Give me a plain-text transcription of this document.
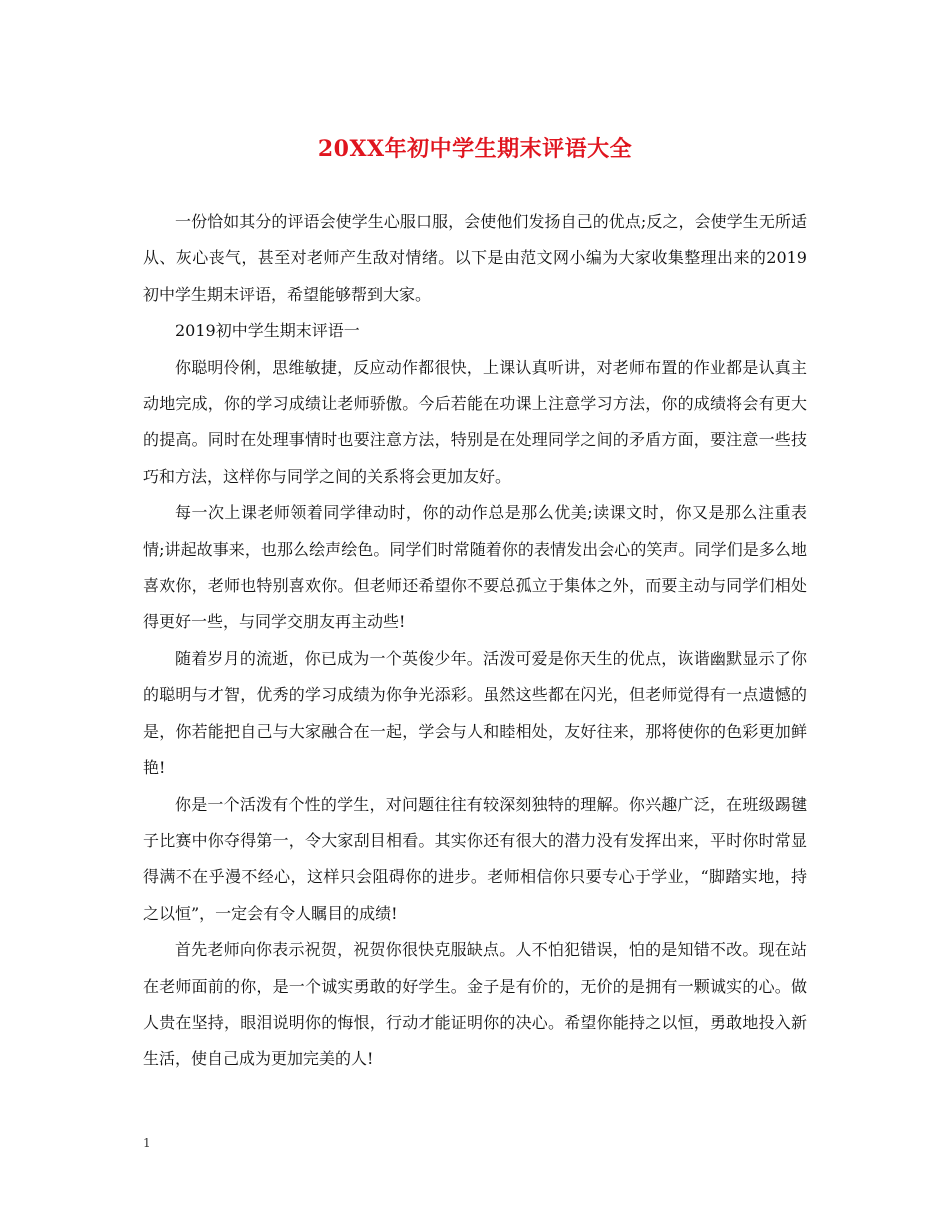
20XX年初中学生期末评语大全

一份恰如其分的评语会使学生心服口服，会使他们发扬自己的优点;反之，会使学生无所适从、灰心丧气，甚至对老师产生敌对情绪。以下是由范文网小编为大家收集整理出来的2019初中学生期末评语，希望能够帮到大家。

2019初中学生期末评语一

你聪明伶俐，思维敏捷，反应动作都很快，上课认真听讲，对老师布置的作业都是认真主动地完成，你的学习成绩让老师骄傲。今后若能在功课上注意学习方法，你的成绩将会有更大的提高。同时在处理事情时也要注意方法，特别是在处理同学之间的矛盾方面，要注意一些技巧和方法，这样你与同学之间的关系将会更加友好。

每一次上课老师领着同学律动时，你的动作总是那么优美;读课文时，你又是那么注重表情;讲起故事来，也那么绘声绘色。同学们时常随着你的表情发出会心的笑声。同学们是多么地喜欢你，老师也特别喜欢你。但老师还希望你不要总孤立于集体之外，而要主动与同学们相处得更好一些，与同学交朋友再主动些!

随着岁月的流逝，你已成为一个英俊少年。活泼可爱是你天生的优点，诙谐幽默显示了你的聪明与才智，优秀的学习成绩为你争光添彩。虽然这些都在闪光，但老师觉得有一点遗憾的是，你若能把自己与大家融合在一起，学会与人和睦相处，友好往来，那将使你的色彩更加鲜艳!

你是一个活泼有个性的学生，对问题往往有较深刻独特的理解。你兴趣广泛，在班级踢毽子比赛中你夺得第一，令大家刮目相看。其实你还有很大的潜力没有发挥出来，平时你时常显得满不在乎漫不经心，这样只会阻碍你的进步。老师相信你只要专心于学业，“脚踏实地，持之以恒”，一定会有令人瞩目的成绩!

首先老师向你表示祝贺，祝贺你很快克服缺点。人不怕犯错误，怕的是知错不改。现在站在老师面前的你，是一个诚实勇敢的好学生。金子是有价的，无价的是拥有一颗诚实的心。做人贵在坚持，眼泪说明你的悔恨，行动才能证明你的决心。希望你能持之以恒，勇敢地投入新生活，使自己成为更加完美的人!

1
